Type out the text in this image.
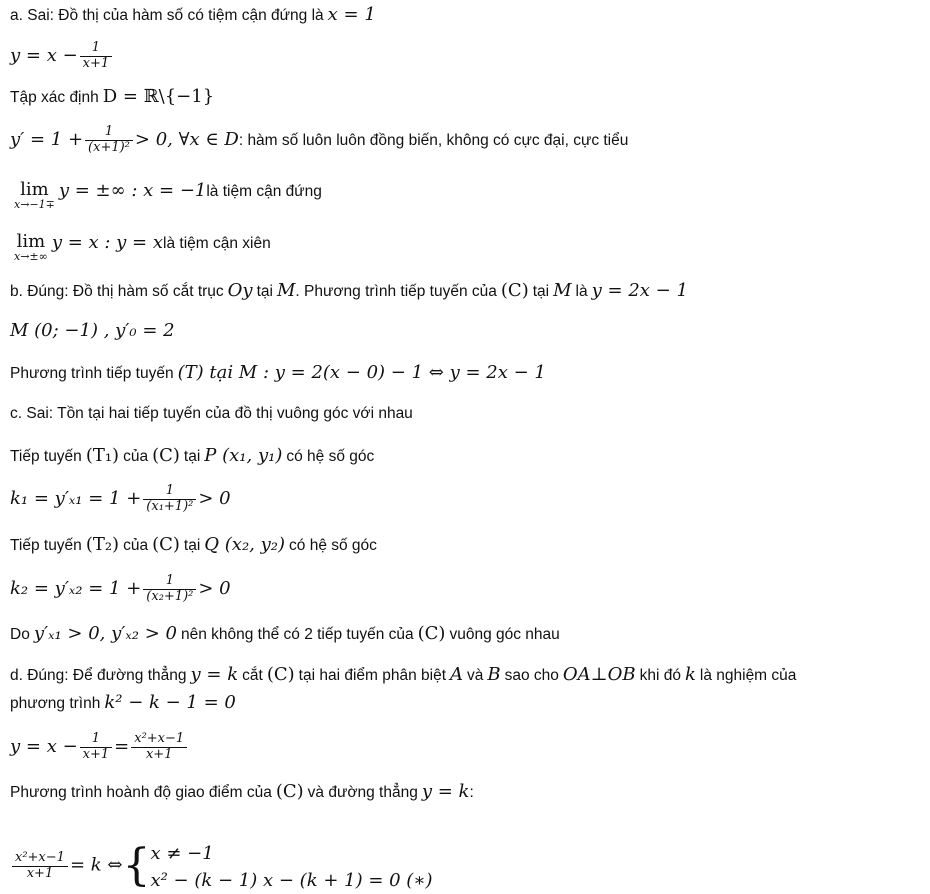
a. Sai: Đồ thị của hàm số có tiệm cận đứng là x = 1
$y = x - \frac{1}{x+1}$
Tập xác định D = ℝ\{−1}
$y' = 1 + \frac{1}{\text{(x+1)²}} > 0$, ∀x ∈ D: hàm số luôn luôn đồng biến, không có cực đại, cực tiểu
lim
x→−1∓
y = ±∞ : x = −1là tiệm cận đứng
lim
x→±∞
y = x : y = xlà tiệm cận xiên
b. Đúng: Đồ thị hàm số cắt trục Oy tại M. Phương trình tiếp tuyến của (C) tại M là y = 2x − 1
M (0; −1) , y′₀ = 2
Phương trình tiếp tuyến (T) tại M : y = 2(x − 0) − 1 ⇔ y = 2x − 1
c. Sai: Tồn tại hai tiếp tuyến của đồ thị vuông góc với nhau
Tiếp tuyến (T₁) của (C) tại P (x₁, y₁) có hệ số góc
$k_1 = y'_{x1} = 1 + \frac{1}{\text{(x₁+1)²}} > 0$
Tiếp tuyến (T₂) của (C) tại Q (x₂, y₂) có hệ số góc
$k_2 = y'_{x2} = 1 + \frac{1}{\text{(x₂+1)²}} > 0$
Do y′ₓ₁ > 0, y′ₓ₂ > 0 nên không thể có 2 tiếp tuyến của (C) vuông góc nhau
d. Đúng: Để đường thẳng y = k cắt (C) tại hai điểm phân biệt A và B sao cho OA⊥OB khi đó k là nghiệm của
phương trình k² − k − 1 = 0
$y = x - \frac{1}{x+1} = \frac{\text{x²+x−1}}{x+1}$
Phương trình hoành độ giao điểm của (C) và đường thẳng y = k:
$\frac{\text{x²+x−1}}{x+1} = k$ ⇔{ x ≠ −1
x² − (k − 1) x − (k + 1) = 0 (∗)
